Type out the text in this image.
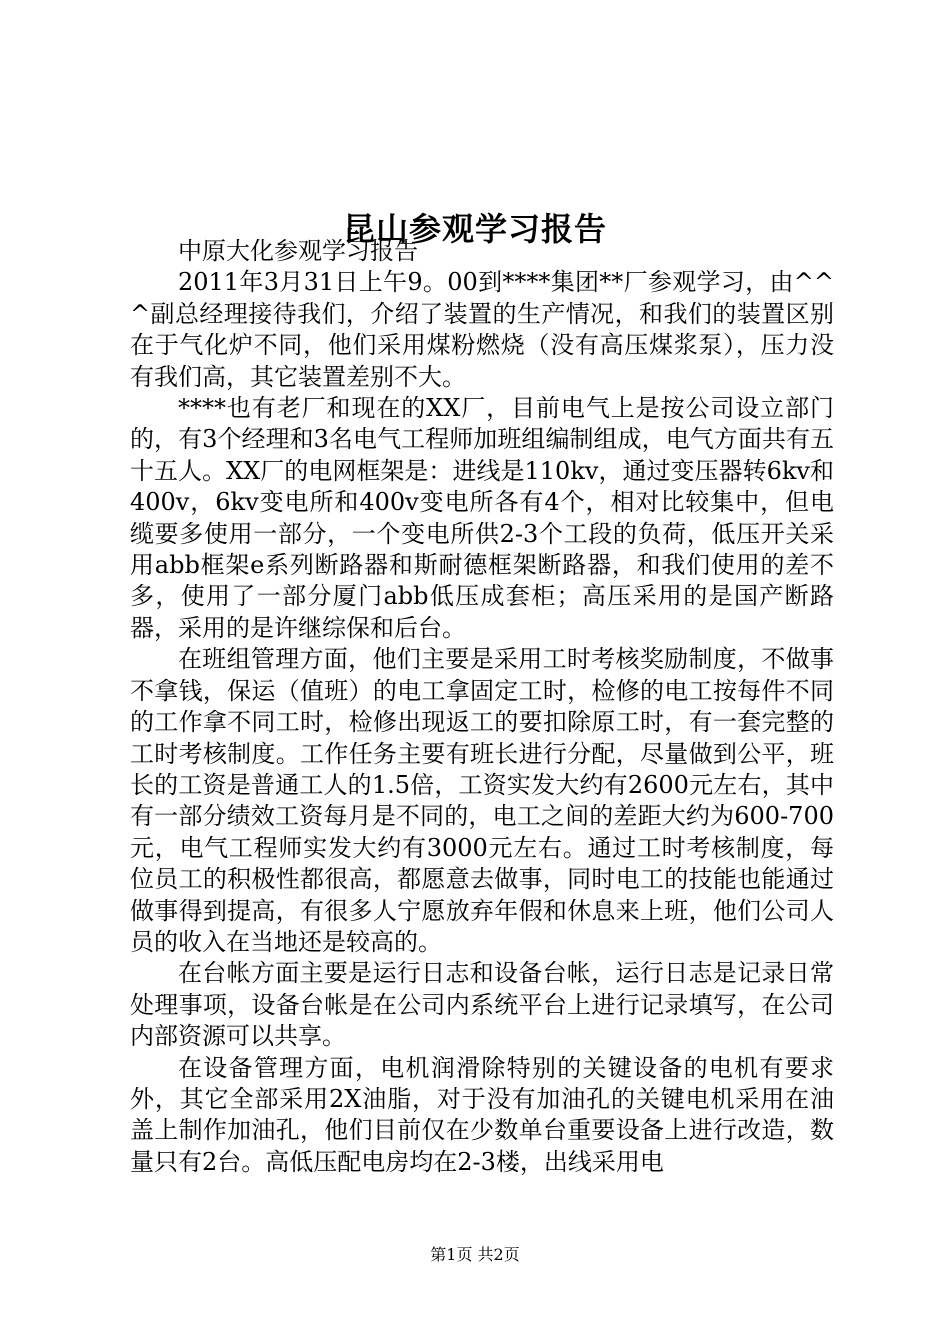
昆山参观学习报告

中原大化参观学习报告

2011年3月31日上午9。00到****集团**厂参观学习，由^^^副总经理接待我们，介绍了装置的生产情况，和我们的装置区别在于气化炉不同，他们采用煤粉燃烧（没有高压煤浆泵），压力没有我们高，其它装置差别不大。

****也有老厂和现在的XX厂，目前电气上是按公司设立部门的，有3个经理和3名电气工程师加班组编制组成，电气方面共有五十五人。XX厂的电网框架是：进线是110kv，通过变压器转6kv和400v，6kv变电所和400v变电所各有4个，相对比较集中，但电缆要多使用一部分，一个变电所供2-3个工段的负荷，低压开关采用abb框架e系列断路器和斯耐德框架断路器，和我们使用的差不多，使用了一部分厦门abb低压成套柜；高压采用的是国产断路器，采用的是许继综保和后台。

在班组管理方面，他们主要是采用工时考核奖励制度，不做事不拿钱，保运（值班）的电工拿固定工时，检修的电工按每件不同的工作拿不同工时，检修出现返工的要扣除原工时，有一套完整的工时考核制度。工作任务主要有班长进行分配，尽量做到公平，班长的工资是普通工人的1.5倍，工资实发大约有2600元左右，其中有一部分绩效工资每月是不同的，电工之间的差距大约为600-700元，电气工程师实发大约有3000元左右。通过工时考核制度，每位员工的积极性都很高，都愿意去做事，同时电工的技能也能通过做事得到提高，有很多人宁愿放弃年假和休息来上班，他们公司人员的收入在当地还是较高的。

在台帐方面主要是运行日志和设备台帐，运行日志是记录日常处理事项，设备台帐是在公司内系统平台上进行记录填写，在公司内部资源可以共享。

在设备管理方面，电机润滑除特别的关键设备的电机有要求外，其它全部采用2X油脂，对于没有加油孔的关键电机采用在油盖上制作加油孔，他们目前仅在少数单台重要设备上进行改造，数量只有2台。高低压配电房均在2-3楼，出线采用电

第1页 共2页
